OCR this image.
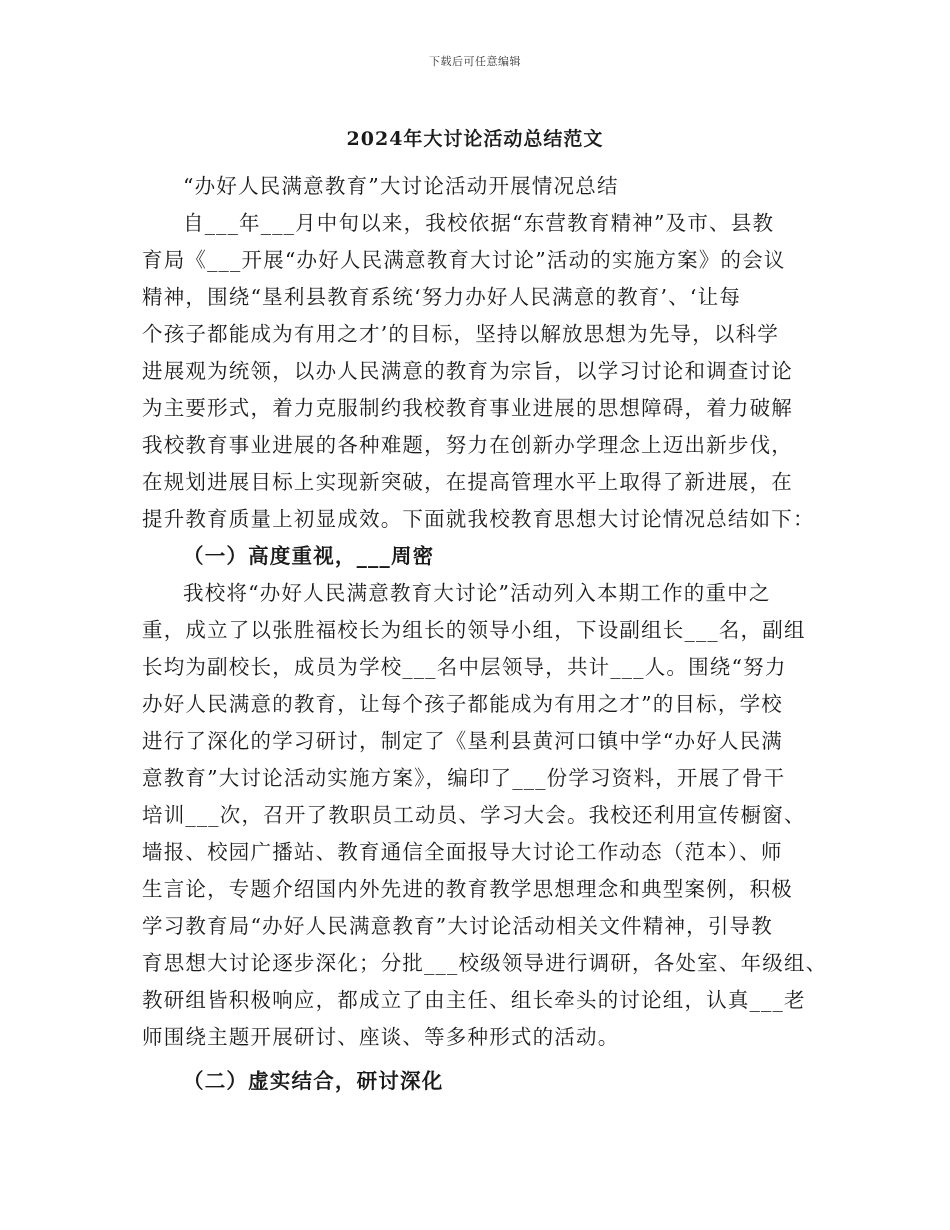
下载后可任意编辑
2024年大讨论活动总结范文
“办好人民满意教育”大讨论活动开展情况总结
自___年___月中旬以来，我校依据“东营教育精神”及市、县教
育局《___开展“办好人民满意教育大讨论”活动的实施方案》的会议
精神，围绕“垦利县教育系统‘努力办好人民满意的教育’、‘让每
个孩子都能成为有用之才’的目标，坚持以解放思想为先导，以科学
进展观为统领，以办人民满意的教育为宗旨，以学习讨论和调查讨论
为主要形式，着力克服制约我校教育事业进展的思想障碍，着力破解
我校教育事业进展的各种难题，努力在创新办学理念上迈出新步伐，
在规划进展目标上实现新突破，在提高管理水平上取得了新进展，在
提升教育质量上初显成效。下面就我校教育思想大讨论情况总结如下：
（一）高度重视，___周密
我校将“办好人民满意教育大讨论”活动列入本期工作的重中之
重，成立了以张胜福校长为组长的领导小组，下设副组长___名，副组
长均为副校长，成员为学校___名中层领导，共计___人。围绕“努力
办好人民满意的教育，让每个孩子都能成为有用之才”的目标，学校
进行了深化的学习研讨，制定了《垦利县黄河口镇中学“办好人民满
意教育”大讨论活动实施方案》，编印了___份学习资料，开展了骨干
培训___次，召开了教职员工动员、学习大会。我校还利用宣传橱窗、
墙报、校园广播站、教育通信全面报导大讨论工作动态（范本）、师
生言论，专题介绍国内外先进的教育教学思想理念和典型案例，积极
学习教育局“办好人民满意教育”大讨论活动相关文件精神，引导教
育思想大讨论逐步深化；分批___校级领导进行调研，各处室、年级组、
教研组皆积极响应，都成立了由主任、组长牵头的讨论组，认真___老
师围绕主题开展研讨、座谈、等多种形式的活动。
（二）虚实结合，研讨深化
